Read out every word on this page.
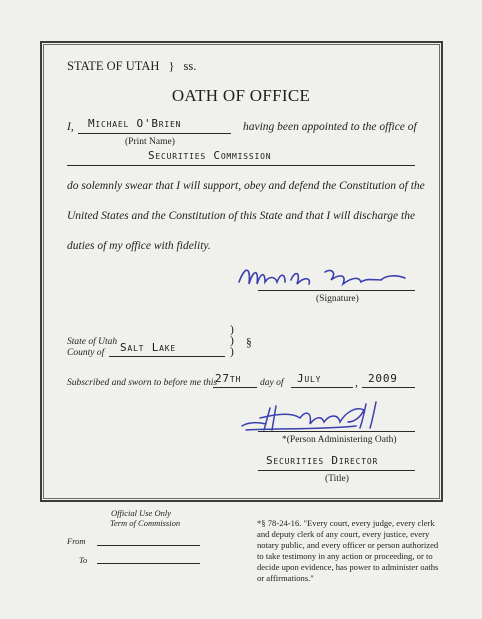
STATE OF UTAH } ss.
OATH OF OFFICE
I, Michael O'Brien
(Print Name)
having been appointed to the office of
Securities Commission
do solemnly swear that I will support, obey and defend the Constitution of the
United States and the Constitution of this State and that I will discharge the
duties of my office with fidelity.
(Signature)
State of Utah
County of Salt Lake
)
)
)
§
Subscribed and sworn to before me this
27th day of July	, 2009
*(Person Administering Oath)
Securities Director
(Title)
Official Use Only
Term of Commission
From
To
*§ 78-24-16. "Every court, every judge, every clerk and deputy clerk of any court, every justice, every notary public, and every officer or person authorized to take testimony in any action or proceeding, or to decide upon evidence, has power to administer oaths or affirmations."
